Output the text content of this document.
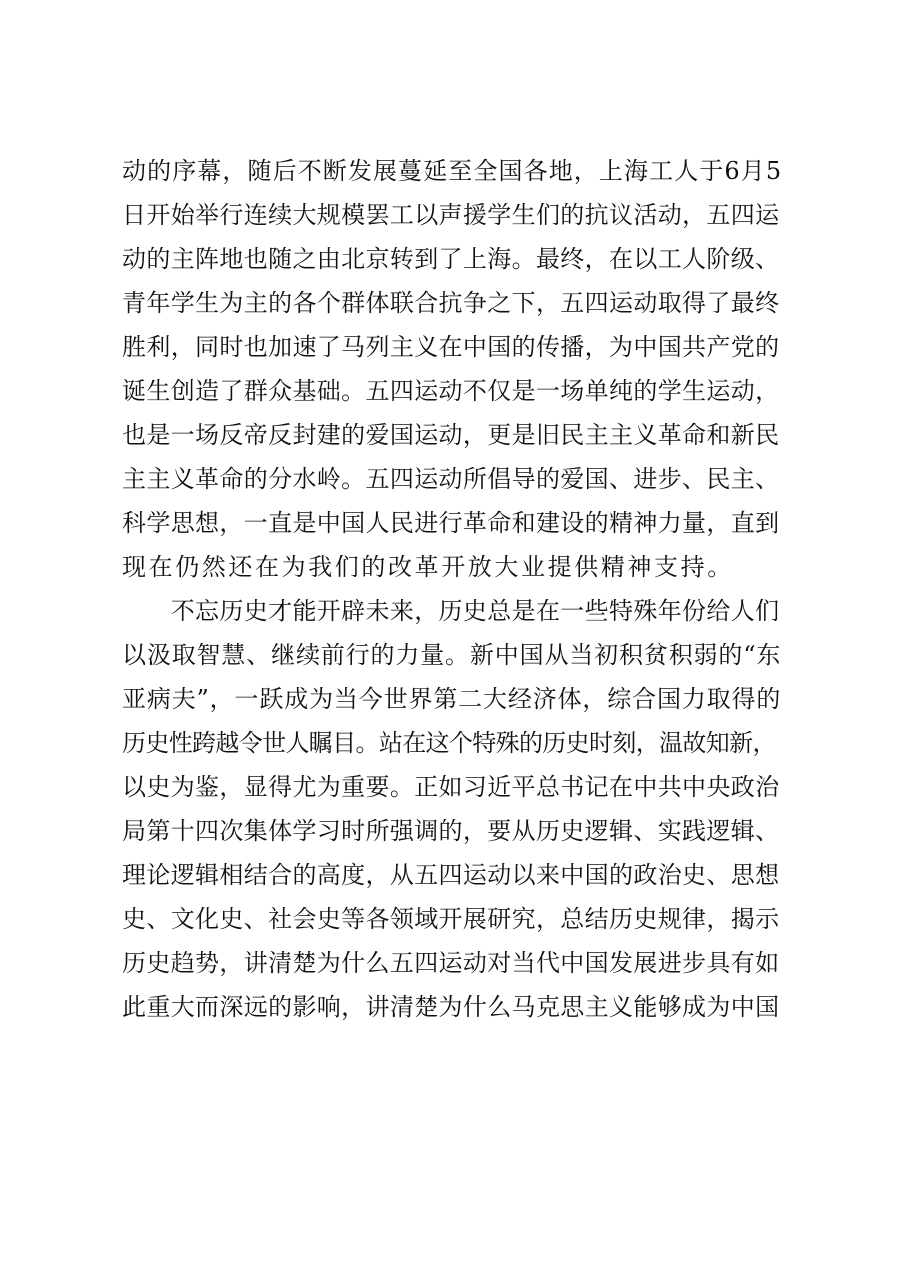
动的序幕，随后不断发展蔓延至全国各地，上海工人于6月5
日开始举行连续大规模罢工以声援学生们的抗议活动，五四运
动的主阵地也随之由北京转到了上海。最终，在以工人阶级、
青年学生为主的各个群体联合抗争之下，五四运动取得了最终
胜利，同时也加速了马列主义在中国的传播，为中国共产党的
诞生创造了群众基础。五四运动不仅是一场单纯的学生运动，
也是一场反帝反封建的爱国运动，更是旧民主主义革命和新民
主主义革命的分水岭。五四运动所倡导的爱国、进步、民主、
科学思想，一直是中国人民进行革命和建设的精神力量，直到
现在仍然还在为我们的改革开放大业提供精神支持。
　　不忘历史才能开辟未来，历史总是在一些特殊年份给人们
以汲取智慧、继续前行的力量。新中国从当初积贫积弱的“东
亚病夫”，一跃成为当今世界第二大经济体，综合国力取得的
历史性跨越令世人瞩目。站在这个特殊的历史时刻，温故知新，
以史为鉴，显得尤为重要。正如习近平总书记在中共中央政治
局第十四次集体学习时所强调的，要从历史逻辑、实践逻辑、
理论逻辑相结合的高度，从五四运动以来中国的政治史、思想
史、文化史、社会史等各领域开展研究，总结历史规律，揭示
历史趋势，讲清楚为什么五四运动对当代中国发展进步具有如
此重大而深远的影响，讲清楚为什么马克思主义能够成为中国
